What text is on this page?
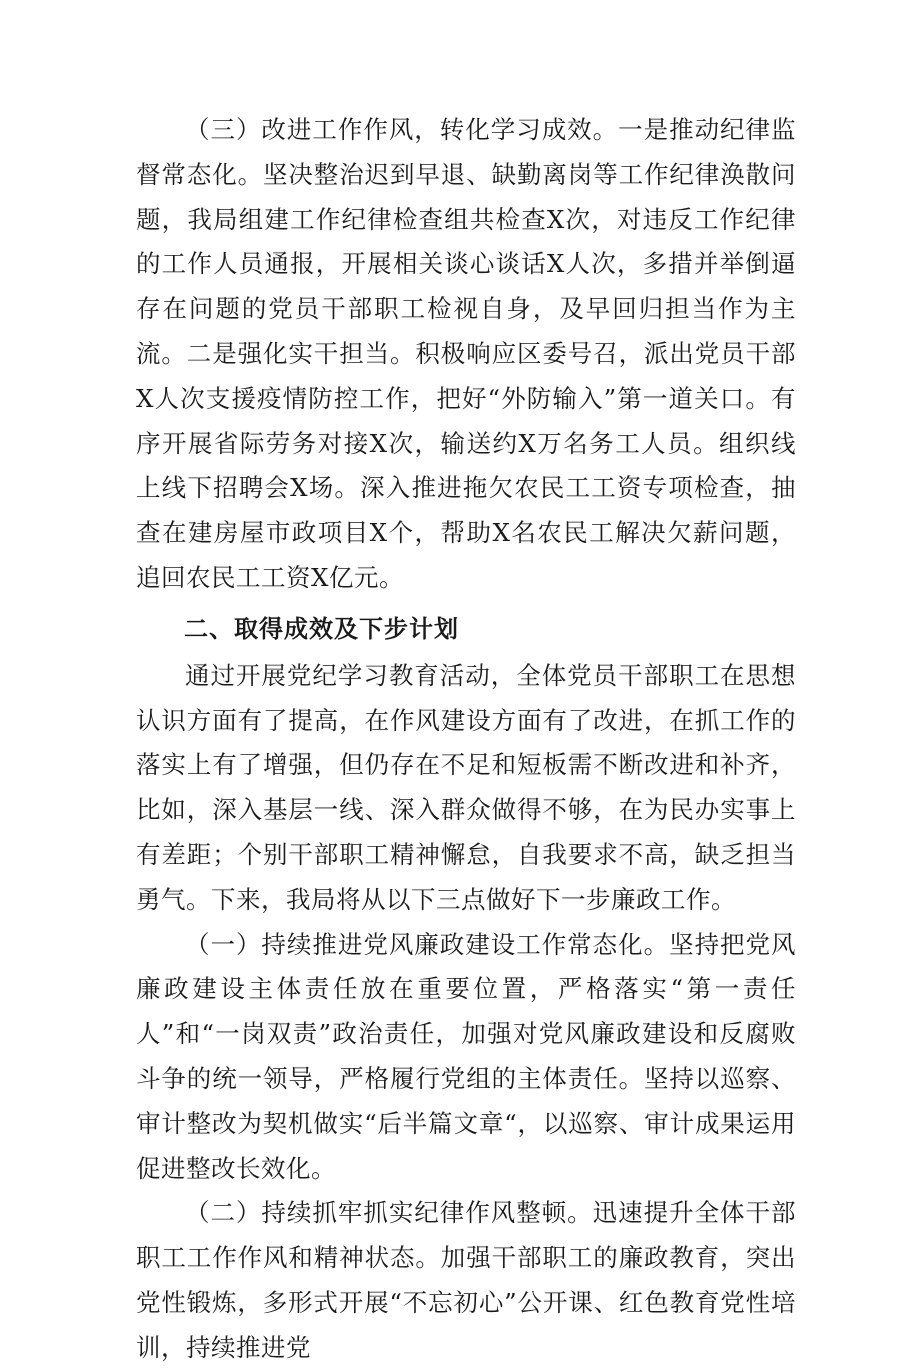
（三）改进工作作风，转化学习成效。一是推动纪律监督常态化。坚决整治迟到早退、缺勤离岗等工作纪律涣散问题，我局组建工作纪律检查组共检查X次，对违反工作纪律的工作人员通报，开展相关谈心谈话X人次，多措并举倒逼存在问题的党员干部职工检视自身，及早回归担当作为主流。二是强化实干担当。积极响应区委号召，派出党员干部X人次支援疫情防控工作，把好“外防输入”第一道关口。有序开展省际劳务对接X次，输送约X万名务工人员。组织线上线下招聘会X场。深入推进拖欠农民工工资专项检查，抽查在建房屋市政项目X个，帮助X名农民工解决欠薪问题，追回农民工工资X亿元。

二、取得成效及下步计划

通过开展党纪学习教育活动，全体党员干部职工在思想认识方面有了提高，在作风建设方面有了改进，在抓工作的落实上有了增强，但仍存在不足和短板需不断改进和补齐，比如，深入基层一线、深入群众做得不够，在为民办实事上有差距；个别干部职工精神懈怠，自我要求不高，缺乏担当勇气。下来，我局将从以下三点做好下一步廉政工作。

（一）持续推进党风廉政建设工作常态化。坚持把党风廉政建设主体责任放在重要位置，严格落实“第一责任人”和“一岗双责”政治责任，加强对党风廉政建设和反腐败斗争的统一领导，严格履行党组的主体责任。坚持以巡察、审计整改为契机做实“后半篇文章“，以巡察、审计成果运用促进整改长效化。

（二）持续抓牢抓实纪律作风整顿。迅速提升全体干部职工工作作风和精神状态。加强干部职工的廉政教育，突出党性锻炼，多形式开展“不忘初心”公开课、红色教育党性培训，持续推进党
